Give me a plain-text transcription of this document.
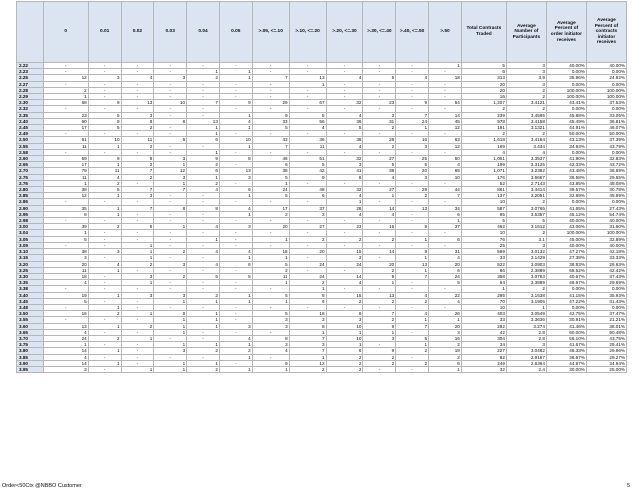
	0	0.01	0.02	0.03	0.04	0.05	>.05, <=.10	>.10, <=.20	>.20, <=.30	>.30, <=.40	>.40, <=.50	>.50	Total Contracts Traded	Average Number of Participants	Average Percent of order initiator receives	Average Percent of contracts initiator receives
2.22	-	-	-	-	-	-	-	-	-	-	-	1	5	3	40.00%	40.00%
2.23	-	-	-	-	1	1	-	-	-	-	-	-	6	3	0.00%	0.00%
2.25	12	3	4	3	2	1	7	13	4	5	4	18	313	3.9	35.96%	24.92%
2.27	-	-	-	-	-	-	-	1	-	-	-	-	20	3	0.00%	0.00%
2.28	2	-	-	-	-	-	-	-	-	-	-	-	20	2	100.00%	100.00%
2.29	1	-	-	-	-	-	-	-	-	-	-	-	16	2	100.00%	100.00%
2.30	68	9	13	10	7	9	29	67	32	23	9	54	1,207	3.4121	43.41%	37.53%
2.32	-	-	-	-	-	-	-	-	-	-	-	-	2	2	0.00%	0.00%
2.35	23	5	3	-	-	1	9	5	4	3	7	14	239	3.4595	45.88%	33.05%
2.40	60	9	8	6	13	4	33	56	36	31	24	45	978	3.4158	45.49%	36.81%
2.45	17	5	2	-	1	1	5	4	5	2	1	12	191	3.1321	44.91%	46.07%
2.49	-	-	-	-	1	-	-	-	-	-	-	-	2	2	50.00%	50.00%
2.50	61	10	11	6	6	10	43	36	38	28	16	63	1,618	3.4164	43.13%	37.39%
2.55	11	1	2	-	-	1	7	11	4	2	3	12	169	3.434	34.93%	43.79%
2.58	-	-	-	-	1	-	-	-	-	-	-	-	4	4	0.00%	0.00%
2.60	59	9	8	3	9	8	46	51	32	27	25	50	1,051	3.3537	41.90%	32.83%
2.65	17	1	2	1	2	-	6	5	3	5	5	4	199	3.3125	42.33%	43.72%
2.70	79	11	7	12	6	13	38	42	41	38	20	65	1,071	3.2362	43.48%	36.69%
2.75	11	4	2	3	1	3	5	9	8	4	3	10	176	3.6667	36.58%	29.55%
2.76	1	2	-	1	2	-	1	-	-	-	-	-	52	2.7143	43.85%	48.08%
2.80	38	5	7	7	4	6	24	48	32	27	29	44	861	3.4414	39.57%	30.78%
2.85	12	1	3	-	-	1	5	6	4	1	2	7	137	3.2051	32.89%	45.99%
2.86	-	-	-	-	-	-	-	-	1	-	-	-	10	2	0.00%	0.00%
2.90	35	1	7	8	8	4	17	37	28	14	13	34	587	3.0765	41.65%	27.43%
2.95	8	1	-	-	-	1	2	3	4	4	-	6	95	3.5357	45.12%	54.74%
2.98	-	-	-	-	-	-	-	-	-	-	-	1	5	5	40.00%	40.00%
3.00	39	2	5	1	4	3	20	27	23	16	9	37	462	3.1512	43.06%	31.60%
3.04	1	-	-	-	-	-	-	-	-	-	-	-	10	2	100.00%	100.00%
3.05	5	-	-	-	1	-	1	2	2	2	1	6	76	3.1	45.00%	32.89%
3.09	-	-	1	-	-	-	-	-	-	-	-	-	25	3	40.00%	40.00%
3.10	38	3	1	2	4	4	18	20	15	14	9	31	569	3.0132	47.27%	42.18%
3.15	3	-	1	-	-	1	1	-	3	-	1	4	33	3.1429	27.38%	33.33%
3.20	20	4	2	3	4	6	5	24	24	20	13	20	522	3.0903	36.83%	26.63%
3.25	11	1	-	-	-	-	2	-	-	2	1	6	66	2.3889	68.52%	42.42%
3.30	18	-	3	2	5	5	11	24	14	9	7	24	358	3.0783	40.67%	37.43%
3.35	4	-	1	-	-	-	1	2	4	1	-	5	64	3.3889	46.67%	29.69%
3.38	-	-	-	-	-	-	-	1	-	-	-	-	1	2	0.00%	0.00%
3.40	19	1	3	3	2	1	5	8	15	13	4	22	295	3.1538	41.15%	35.93%
3.45	5	-	-	1	1	1	1	6	2	2	2	4	70	3.1905	47.22%	31.43%
3.48	-	1	-	-	-	-	-	-	-	-	-	-	10	1	0.00%	0.00%
3.50	16	2	1	6	1	-	5	18	8	7	4	26	403	3.0549	42.75%	37.47%
3.55	-	-	-	1	1	-	3	3	3	2	1	1	33	3.3636	30.91%	21.21%
3.60	13	1	2	1	1	3	3	8	10	9	7	20	292	3.274	41.46%	38.01%
3.65	4	-	-	1	-	-	-	1	1	1	-	3	42	2.8	60.00%	90.48%
3.70	24	2	1	-	-	4	8	7	10	3	5	16	304	2.8	56.10%	43.75%
3.75	1	-	-	1	1	1	3	3	1	-	1	2	34	3	41.67%	29.41%
3.80	14	1	-	3	2	2	4	7	6	9	2	19	227	3.0462	48.33%	29.96%
3.85	4	-	-	-	-	1	-	1	2	2	-	2	82	2.9167	36.67%	29.27%
3.90	14	1	-	1	1	-	9	12	2	2	2	6	249	2.6364	44.97%	34.94%
3.95	3	-	1	1	2	1	1	2	2	-	-	1	32	2.4	30.00%	25.00%
Order<50Ctx @NBBO Customer	5
